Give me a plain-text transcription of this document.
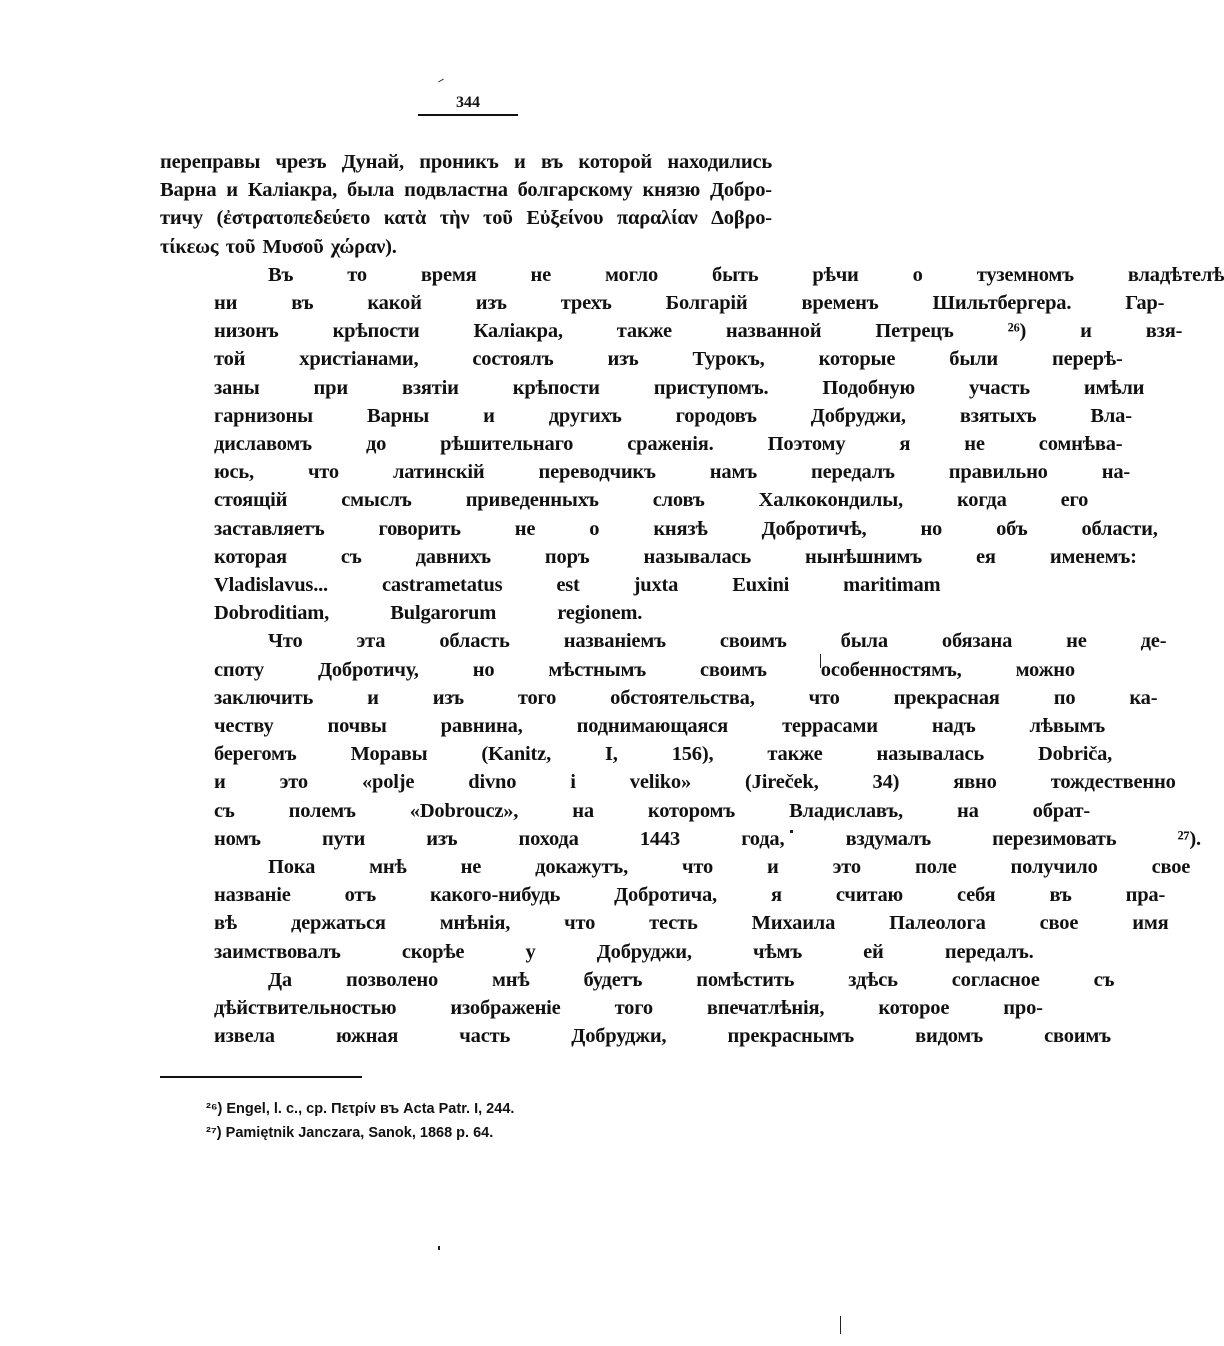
344

переправы чрезъ Дунай, проникъ и въ которой находились
Варна и Каліакра, была подвластна болгарскому князю Добро-
тичу (ἐστρατοπεδεύετο κατὰ τὴν τοῦ Εὐξείνου παραλίαν Δοβρο-
τίκεως τοῦ Μυσοῦ χώραν).

Въ	то	время	не	могло	быть	рѣчи	о	туземномъ	владѣтелѣ
ни	въ	какой	изъ	трехъ	Болгарій	временъ	Шильтбергера.	Гар-
низонъ	крѣпости	Каліакра,	также	названной	Петрецъ	²⁶)	и	взя-
той	христіанами,	состоялъ	изъ	Турокъ,	которые	были	перерѣ-
заны	при	взятіи	крѣпости	приступомъ.	Подобную	участь	имѣли
гарнизоны	Варны	и	другихъ	городовъ	Добруджи,	взятыхъ	Вла-
диславомъ	до	рѣшительнаго	сраженія.	Поэтому	я	не	сомнѣва-
юсь,	что	латинскій	переводчикъ	намъ	передалъ	правильно	на-
стоящій	смыслъ	приведенныхъ	словъ	Халкокондилы,	когда	его
заставляетъ	говорить	не	о	князѣ	Добротичѣ,	но	объ	области,
которая	съ	давнихъ	поръ	называлась	нынѣшнимъ	ея	именемъ:
Vladislavus...	castrametatus	est	juxta	Euxini	maritimam
Dobroditiam,	Bulgarorum	regionem.

Что	эта	область	названіемъ	своимъ	была	обязана	не	де-
споту	Добротичу,	но	мѣстнымъ	своимъ	особенностямъ,	можно
заключить	и	изъ	того	обстоятельства,	что	прекрасная	по	ка-
честву	почвы	равнина,	поднимающаяся	террасами	надъ	лѣвымъ
берегомъ	Моравы	(Kanitz,	I,	156),	также	называлась	Dobriča,
и	это	«polje	divno	i	veliko»	(Jireček,	34)	явно	тождественно
съ	полемъ	«Dobroucz»,	на	которомъ	Владиславъ,	на	обрат-
номъ	пути	изъ	похода	1443	года,	вздумалъ	перезимовать	²⁷).

Пока	мнѣ	не	докажутъ,	что	и	это	поле	получило	свое
названіе	отъ	какого-нибудь	Добротича,	я	считаю	себя	въ	пра-
вѣ	держаться	мнѣнія,	что	тесть	Михаила	Палеолога	свое	имя
заимствовалъ	скорѣе	у	Добруджи,	чѣмъ	ей	передалъ.

Да	позволено	мнѣ	будетъ	помѣстить	здѣсь	согласное	съ
дѣйствительностью	изображеніе	того	впечатлѣнія,	которое	про-
извела	южная	часть	Добруджи,	прекраснымъ	видомъ	своимъ

²⁶) Engel, l. c., cp. Πετρίν въ Acta Patr. I, 244.
²⁷) Pamiętnik Janczara, Sanok, 1868 p. 64.
